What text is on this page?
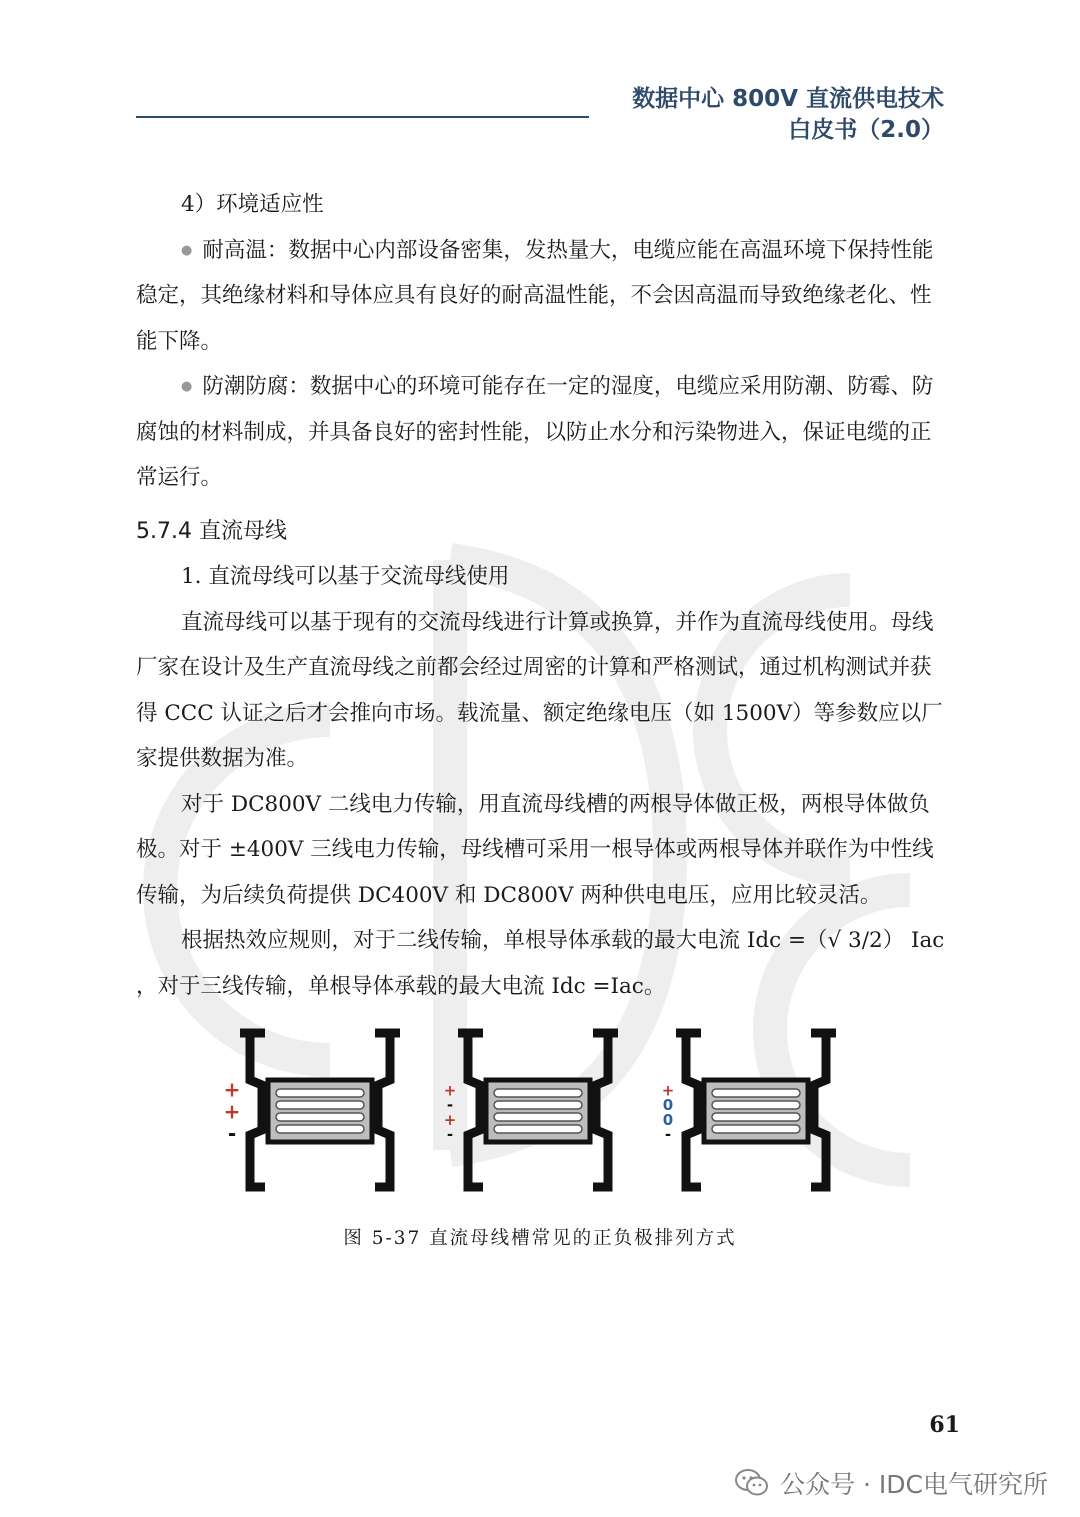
数据中心 800V 直流供电技术
白皮书（2.0）

4）环境适应性

● 耐高温：数据中心内部设备密集，发热量大，电缆应能在高温环境下保持性能稳定，其绝缘材料和导体应具有良好的耐高温性能，不会因高温而导致绝缘老化、性能下降。

● 防潮防腐：数据中心的环境可能存在一定的湿度，电缆应采用防潮、防霉、防腐蚀的材料制成，并具备良好的密封性能，以防止水分和污染物进入，保证电缆的正常运行。

5.7.4 直流母线

1. 直流母线可以基于交流母线使用

直流母线可以基于现有的交流母线进行计算或换算，并作为直流母线使用。母线厂家在设计及生产直流母线之前都会经过周密的计算和严格测试，通过机构测试并获得 CCC 认证之后才会推向市场。载流量、额定绝缘电压（如 1500V）等参数应以厂家提供数据为准。

对于 DC800V 二线电力传输，用直流母线槽的两根导体做正极，两根导体做负极。对于 ±400V 三线电力传输，母线槽可采用一根导体或两根导体并联作为中性线传输，为后续负荷提供 DC400V 和 DC800V 两种供电电压，应用比较灵活。

根据热效应规则，对于二线传输，单根导体承载的最大电流 Idc =（√ 3/2） Iac ，对于三线传输，单根导体承载的最大电流 Idc =Iac。

+
+
-
+
-
+
-
+
0
0
-
图 5-37 直流母线槽常见的正负极排列方式
61
公众号 · IDC电气研究所
